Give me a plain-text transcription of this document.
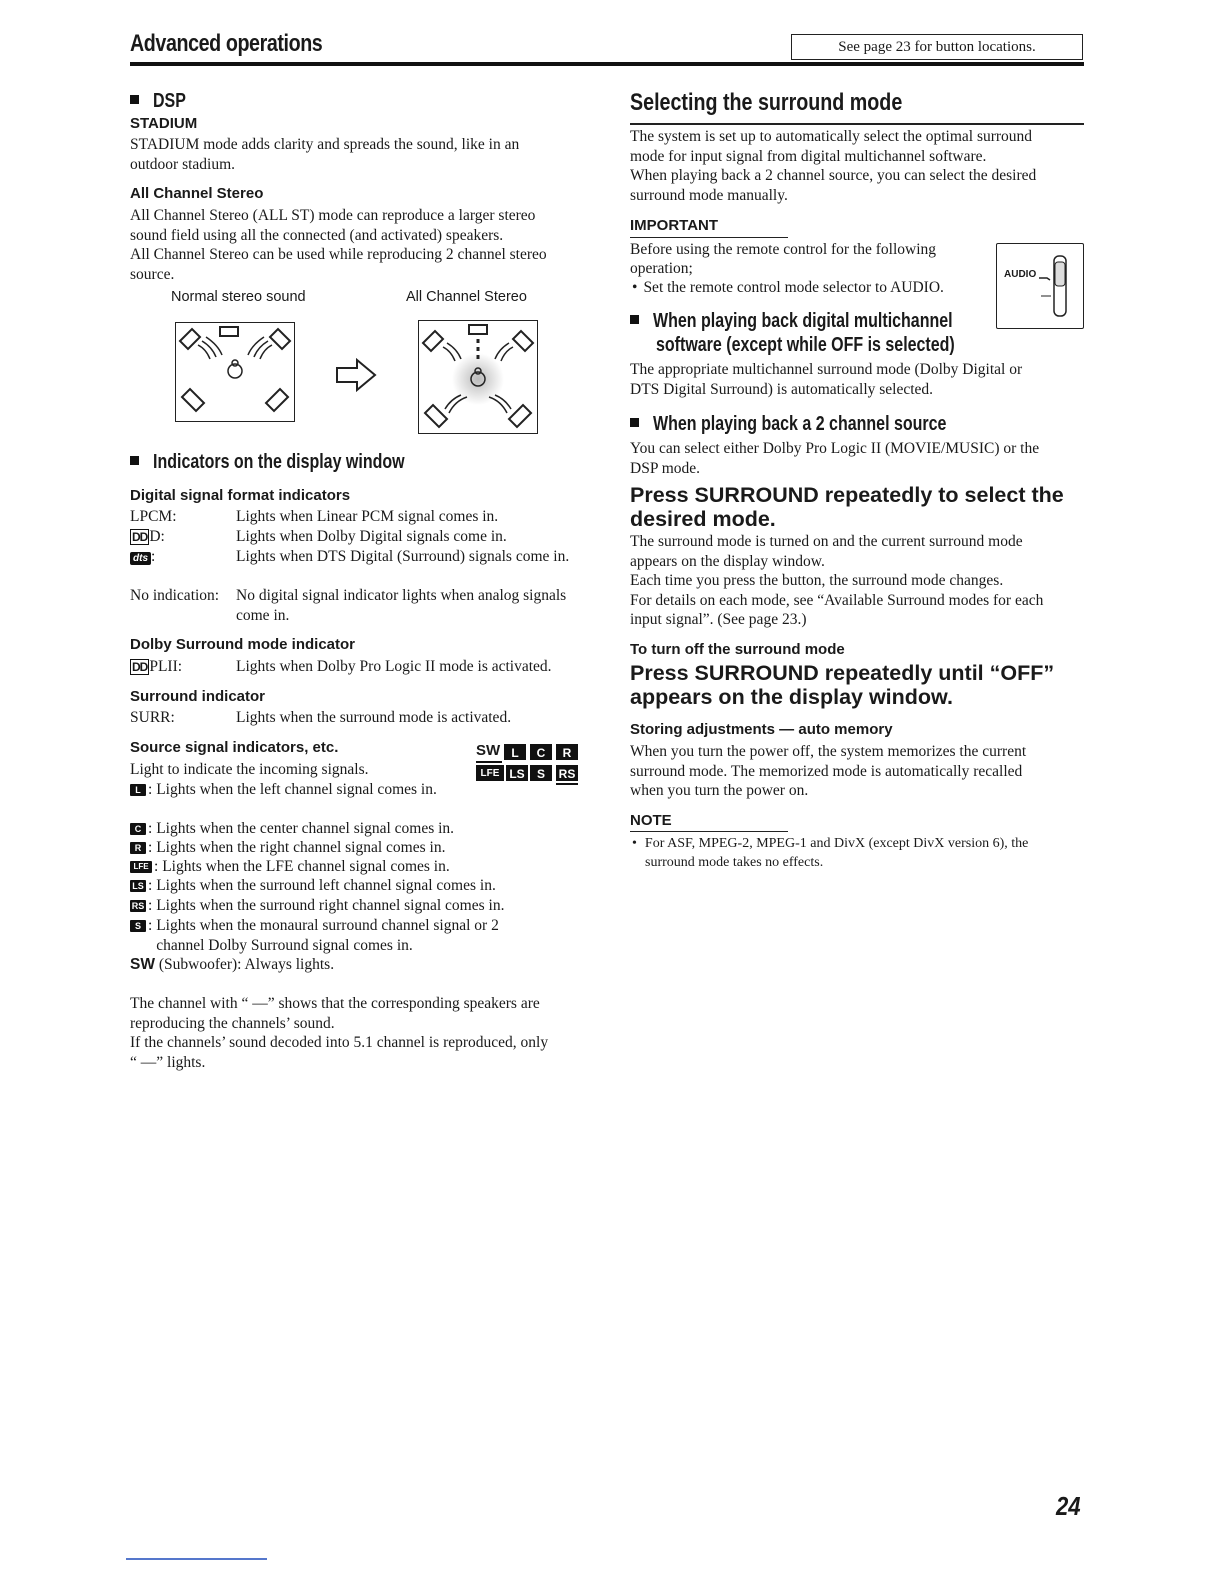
Advanced operations	See page 23 for button locations.
DSP
STADIUM
STADIUM mode adds clarity and spreads the sound, like in an
outdoor stadium.
All Channel Stereo
All Channel Stereo (ALL ST) mode can reproduce a larger stereo
sound field using all the connected (and activated) speakers.
All Channel Stereo can be used while reproducing 2 channel stereo
source.
Normal stereo sound	All Channel Stereo
Indicators on the display window
Digital signal format indicators
LPCM:	Lights when Linear PCM signal comes in.
DD D:	Lights when Dolby Digital signals come in.
dts :	Lights when DTS Digital (Surround) signals come in.
No indication: No digital signal indicator lights when analog signals come in.
Dolby Surround mode indicator
DD PLII:	Lights when Dolby Pro Logic II mode is activated.
Surround indicator
SURR:	Lights when the surround mode is activated.
Source signal indicators, etc.
Light to indicate the incoming signals.
SW L	C	R
LFE LS	S	RS
L : Lights when the left channel signal comes in.
C : Lights when the center channel signal comes in.
R : Lights when the right channel signal comes in.
LFE : Lights when the LFE channel signal comes in.
LS : Lights when the surround left channel signal comes in.
RS : Lights when the surround right channel signal comes in.
S : Lights when the monaural surround channel signal or 2 channel Dolby Surround signal comes in.
SW (Subwoofer): Always lights.
The channel with “ —” shows that the corresponding speakers are
reproducing the channels’ sound.
If the channels’ sound decoded into 5.1 channel is reproduced, only
“ —” lights.
Selecting the surround mode
The system is set up to automatically select the optimal surround
mode for input signal from digital multichannel software.
When playing back a 2 channel source, you can select the desired
surround mode manually.
IMPORTANT
Before using the remote control for the following
operation;
• Set the remote control mode selector to AUDIO.
AUDIO
When playing back digital multichannel
software (except while OFF is selected)
The appropriate multichannel surround mode (Dolby Digital or
DTS Digital Surround) is automatically selected.
When playing back a 2 channel source
You can select either Dolby Pro Logic II (MOVIE/MUSIC) or the
DSP mode.
Press SURROUND repeatedly to select the
desired mode.
The surround mode is turned on and the current surround mode
appears on the display window.
Each time you press the button, the surround mode changes.
For details on each mode, see “Available Surround modes for each
input signal”. (See page 23.)
To turn off the surround mode
Press SURROUND repeatedly until “OFF”
appears on the display window.
Storing adjustments — auto memory
When you turn the power off, the system memorizes the current
surround mode. The memorized mode is automatically recalled
when you turn the power on.
NOTE
• For ASF, MPEG-2, MPEG-1 and DivX (except DivX version 6), the
surround mode takes no effects.
24
